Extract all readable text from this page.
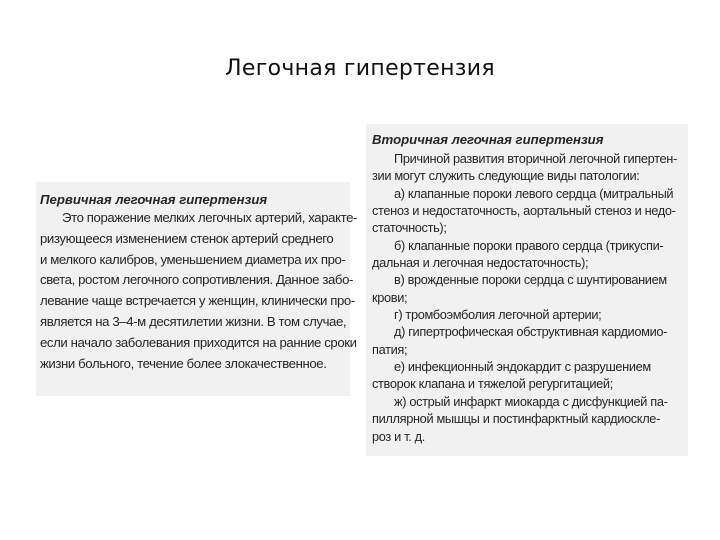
Легочная гипертензия
Первичная легочная гипертензия
Это поражение мелких легочных артерий, характе-
ризующееся изменением стенок артерий среднего
и мелкого калибров, уменьшением диаметра их про-
света, ростом легочного сопротивления. Данное забо-
левание чаще встречается у женщин, клинически про-
является на 3–4-м десятилетии жизни. В том случае,
если начало заболевания приходится на ранние сроки
жизни больного, течение более злокачественное.
Вторичная легочная гипертензия
Причиной развития вторичной легочной гипертен-
зии могут служить следующие виды патологии:
а) клапанные пороки левого сердца (митральный
стеноз и недостаточность, аортальный стеноз и недо-
статочность);
б) клапанные пороки правого сердца (трикуспи-
дальная и легочная недостаточность);
в) врожденные пороки сердца с шунтированием
крови;
г) тромбоэмболия легочной артерии;
д) гипертрофическая обструктивная кардиомио-
патия;
е) инфекционный эндокардит с разрушением
створок клапана и тяжелой регургитацией;
ж) острый инфаркт миокарда с дисфункцией па-
пиллярной мышцы и постинфарктный кардиоскле-
роз и т. д.
